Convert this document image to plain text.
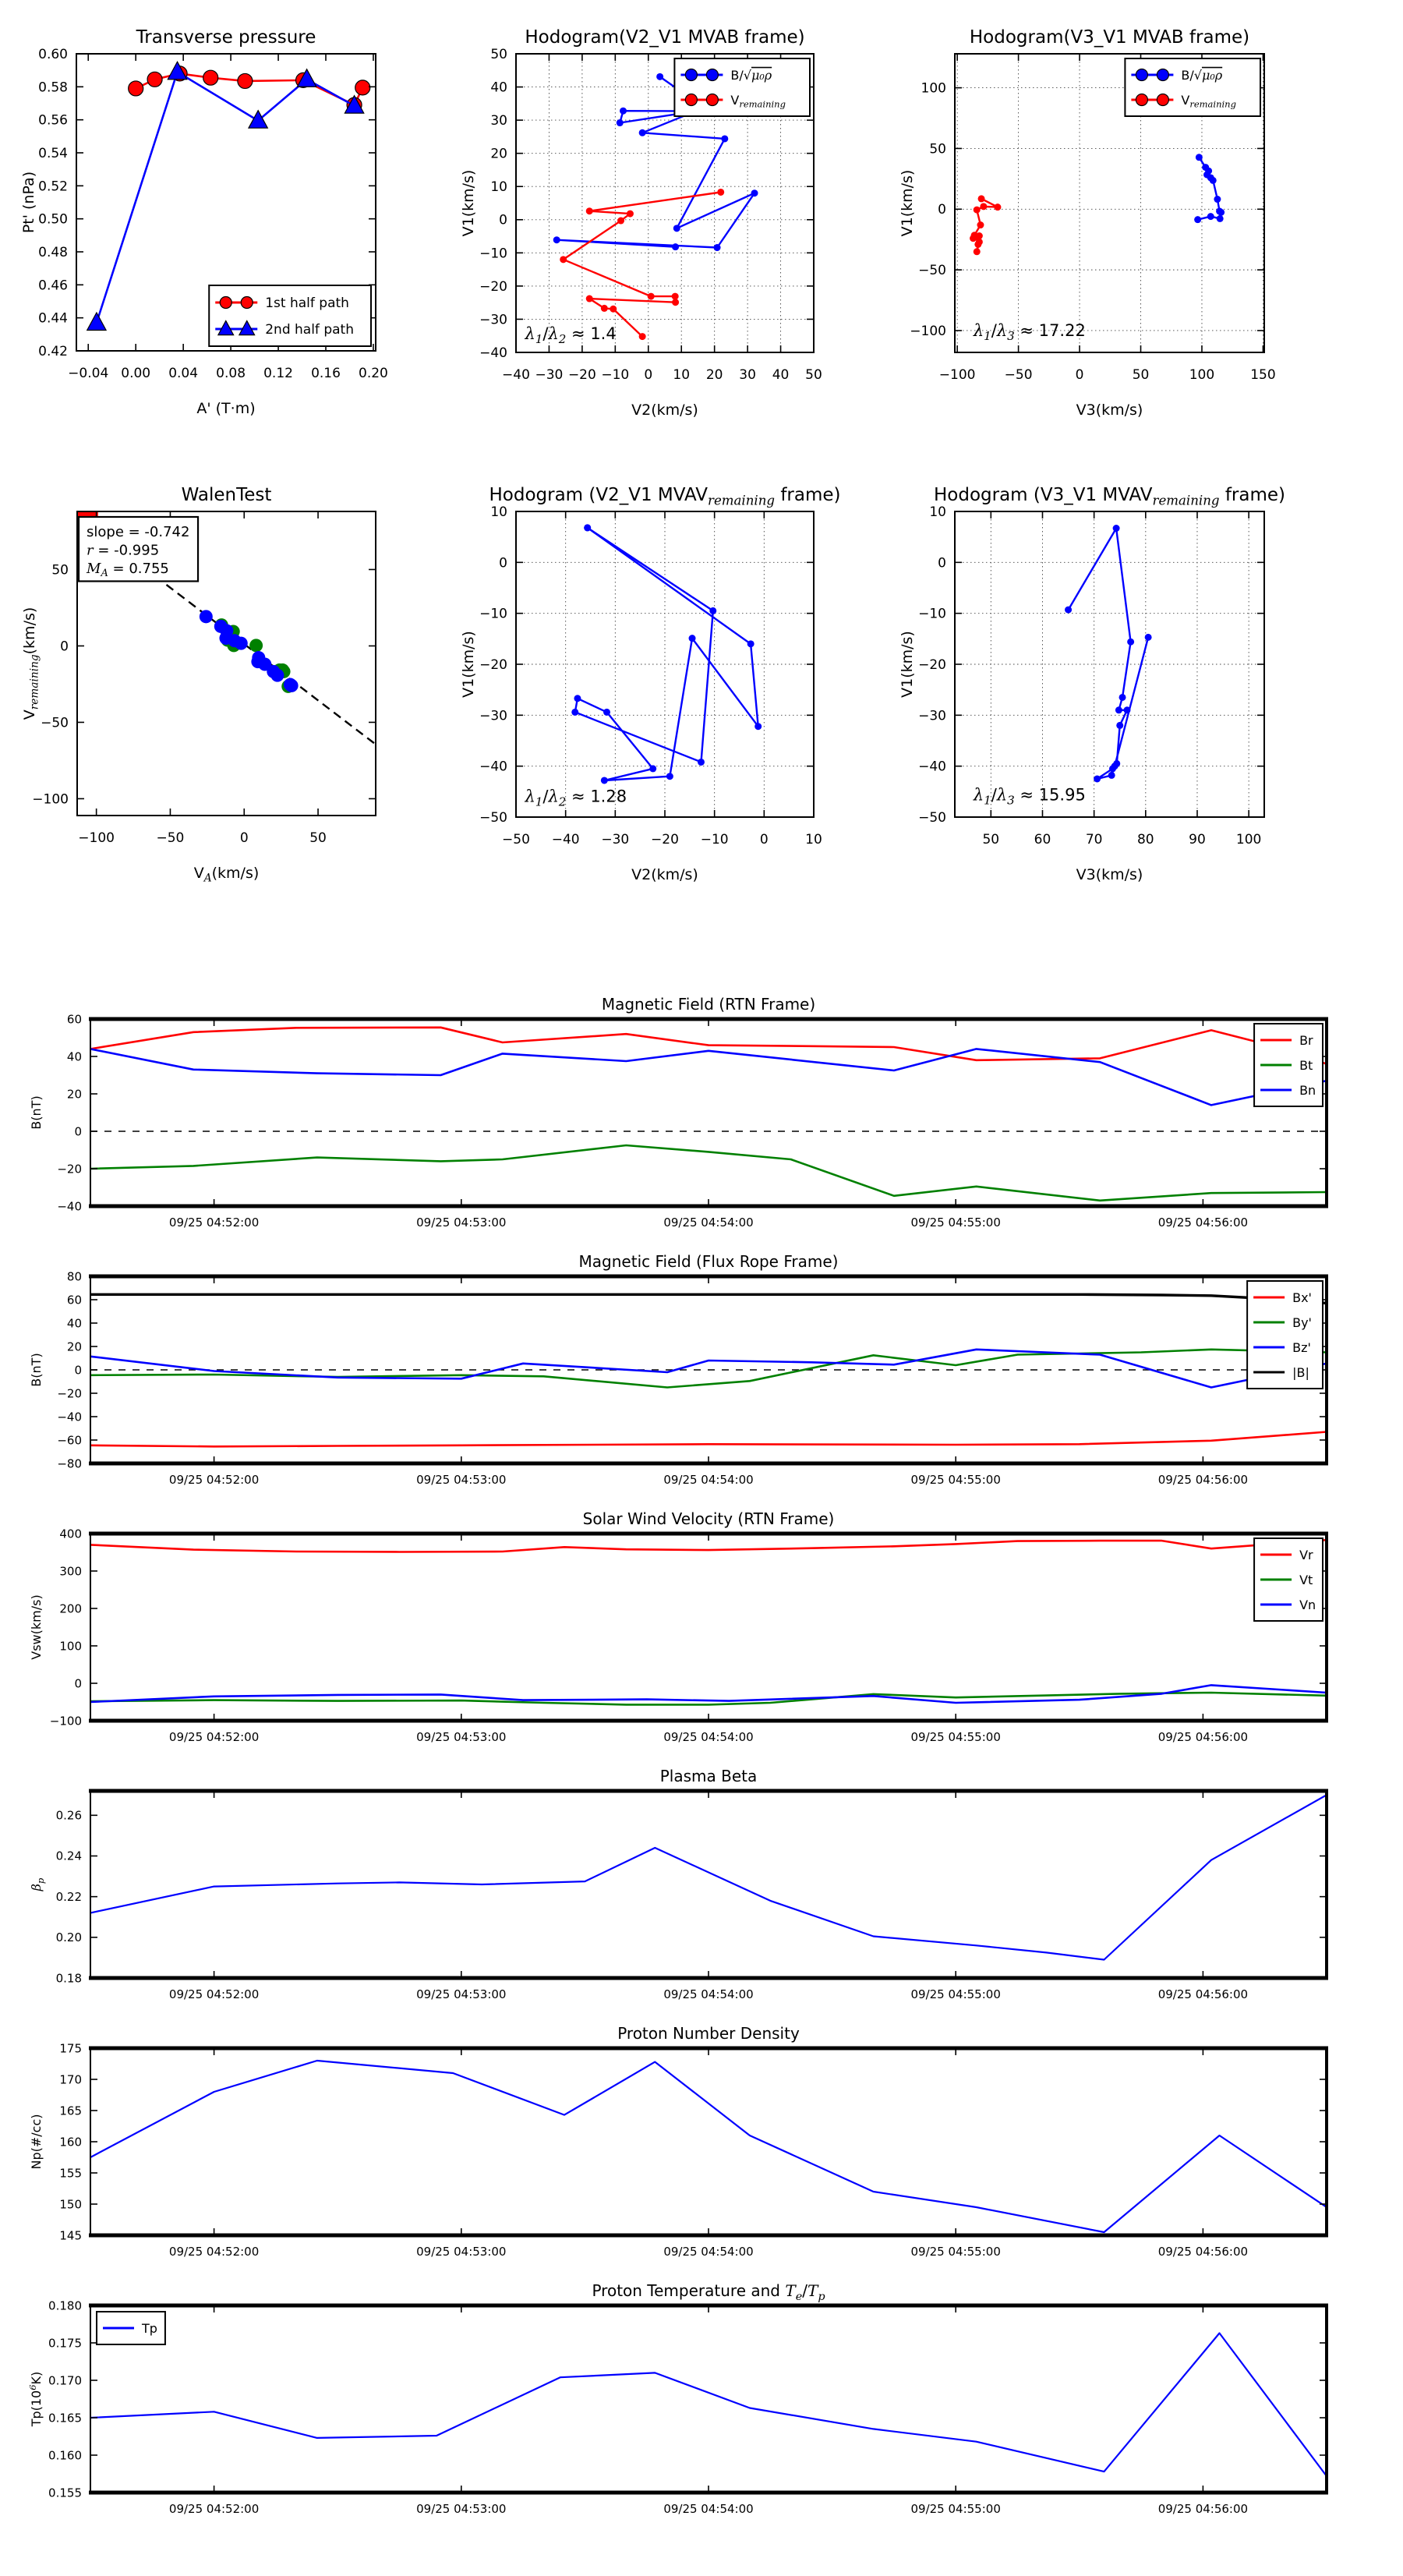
−0.04 0.00 0.04 0.08 0.12 0.16 0.20
0.42
0.44
0.46
0.48
0.50
0.52
0.54
0.56
0.58
0.60
Transverse pressure
A' (T·m)
Pt' (nPa)
1st half path
2nd half path
−40 −30 −20 −10 0 10 20 30 40 50
−40
−30
−20
−10
0
10
20
30
40
50
Hodogram(V2_V1 MVAB frame)
V2(km/s)
V1(km/s)
B/√μ₀ρ
$V_{remaining}$
$\lambda_1/\lambda_2 \approx 1.4$
−100 −50	0	50	100	150
−100
−50
0
50
100
Hodogram(V3_V1 MVAB frame)
V3(km/s)
V1(km/s)
B/√μ₀ρ
$V_{remaining}$
$\lambda_1/\lambda_3 \approx 17.22$
−100	−50	0	50
−100
−50
0
50
WalenTest
$V_A(km/s)$
$V_{remaining}(km/s)$
slope = -0.742
r = -0.995
$M_A = 0.755$
−50 −40 −30 −20 −10 0	10
−50
−40
−30
−20
−10
0
10
Hodogram (V2_V1 $MVAV_{remaining}$ frame)
V2(km/s)
V1(km/s)
$\lambda_1/\lambda_2 \approx 1.28$
50	60	70	80	90 100
−50
−40
−30
−20
−10
0
10
Hodogram (V3_V1 $MVAV_{remaining}$ frame)
V3(km/s)
V1(km/s)
$\lambda_1/\lambda_3 \approx 15.95$
09/25 04:52:00	09/25 04:53:00	09/25 04:54:00	09/25 04:55:00	09/25 04:56:00
−40
−20
0
20
40
60
Magnetic Field (RTN Frame)
B(nT)
Br
Bt
Bn
09/25 04:52:00	09/25 04:53:00	09/25 04:54:00	09/25 04:55:00	09/25 04:56:00
−80
−60
−40
−20
0
20
40
60
80
Magnetic Field (Flux Rope Frame)
B(nT)
Bx'
By'
Bz'
|B|
09/25 04:52:00	09/25 04:53:00	09/25 04:54:00	09/25 04:55:00	09/25 04:56:00
−100
0
100
200
300
400
Solar Wind Velocity (RTN Frame)
Vsw(km/s)
Vr
Vt
Vn
09/25 04:52:00	09/25 04:53:00	09/25 04:54:00	09/25 04:55:00	09/25 04:56:00
0.18
0.20
0.22
0.24
0.26
Plasma Beta
$\beta_p$
09/25 04:52:00	09/25 04:53:00	09/25 04:54:00	09/25 04:55:00	09/25 04:56:00
145
150
155
160
165
170
175
Proton Number Density
Np(#/cc)
09/25 04:52:00	09/25 04:53:00	09/25 04:54:00	09/25 04:55:00	09/25 04:56:00
0.155
0.160
0.165
0.170
0.175
0.180
Proton Temperature and $T_e/T_p$
$Tp(10^6K)$
Tp
